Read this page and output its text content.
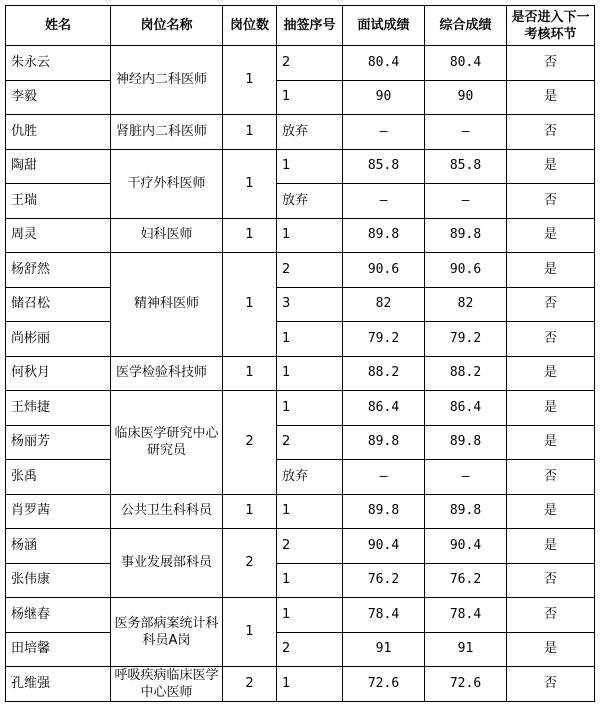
姓名	岗位名称	岗位数	抽签序号	面试成绩	综合成绩	是否进入下一考核环节
朱永云	神经内二科医师	1	2	80.4	80.4	否
李毅			1	90	90	是
仇胜	肾脏内二科医师	1	放弃	–	–	否
陶甜	干疗外科医师	1	1	85.8	85.8	是
王瑞			放弃	–	–	否
周灵	妇科医师	1	1	89.8	89.8	是
杨舒然	精神科医师	1	2	90.6	90.6	是
储召松			3	82	82	否
尚彬丽			1	79.2	79.2	否
何秋月	医学检验科技师	1	1	88.2	88.2	是
王炜捷	临床医学研究中心研究员	2	1	86.4	86.4	是
杨丽芳			2	89.8	89.8	是
张禹			放弃	–	–	否
肖罗茜	公共卫生科科员	1	1	89.8	89.8	是
杨涵	事业发展部科员	2	2	90.4	90.4	是
张伟康			1	76.2	76.2	否
杨继春	医务部病案统计科科员A岗	1	1	78.4	78.4	否
田培馨			2	91	91	是
孔维强	呼吸疾病临床医学中心医师	2	1	72.6	72.6	否
